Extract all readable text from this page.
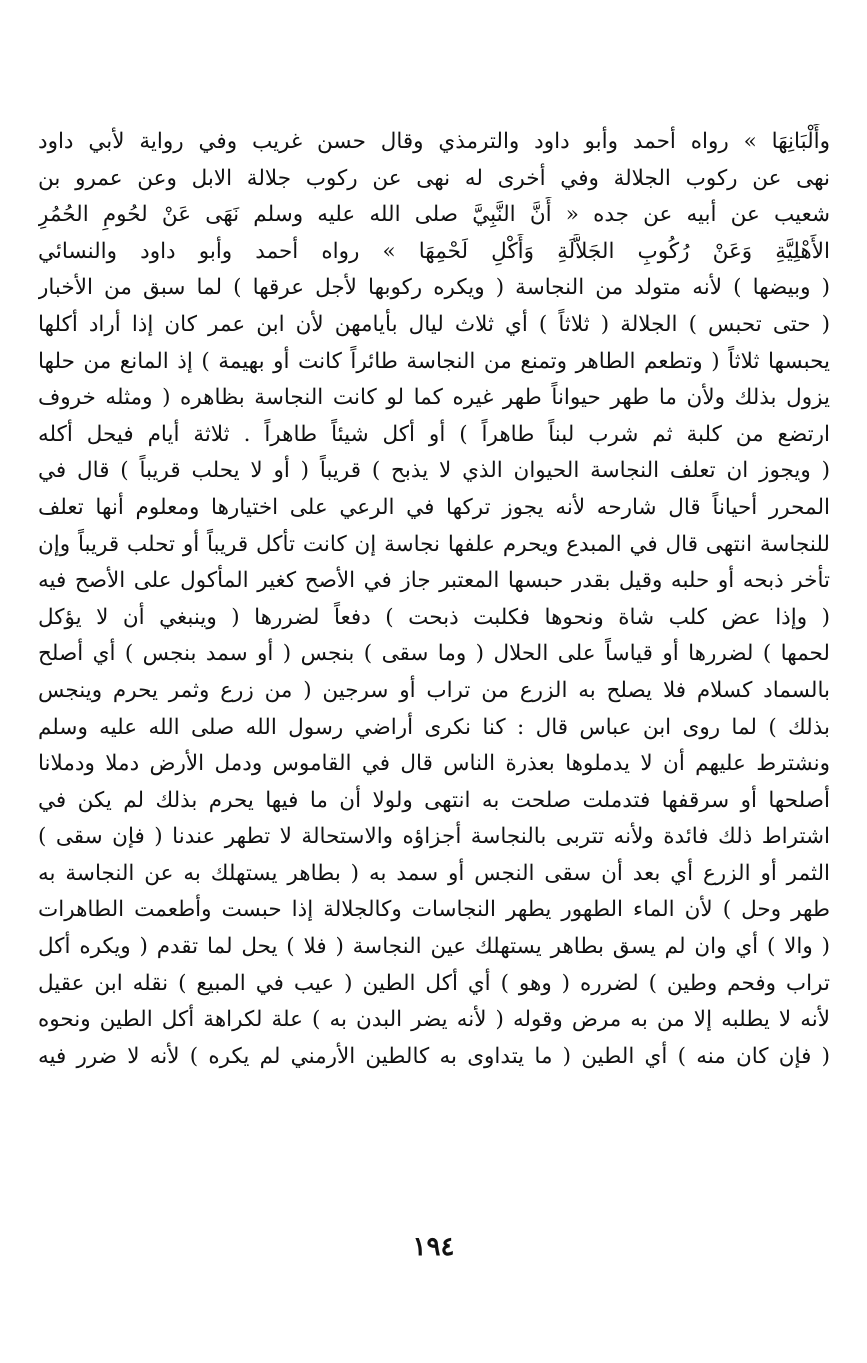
وأَلْبَانِهَا » رواه أحمد وأبو داود والترمذي وقال حسن غريب وفي رواية لأبي داود
نهى عن ركوب الجلالة وفي أخرى له نهى عن ركوب جلالة الابل وعن عمرو بن
شعيب عن أبيه عن جده « أَنَّ النَّبِيَّ صلى الله عليه وسلم نَهَى عَنْ لحُومِ الحُمُرِ
الأَهْلِيَّةِ وَعَنْ رُكُوبِ الجَلاَّلَةِ وَأَكْلِ لَحْمِهَا » رواه أحمد وأبو داود والنسائي
( وبيضها ) لأنه متولد من النجاسة ( ويكره ركوبها لأجل عرقها ) لما سبق من الأخبار
( حتى تحبس ) الجلالة ( ثلاثاً ) أي ثلاث ليال بأيامهن لأن ابن عمر كان إذا أراد أكلها
يحبسها ثلاثاً ( وتطعم الطاهر وتمنع من النجاسة طائراً كانت أو بهيمة ) إذ المانع من حلها
يزول بذلك ولأن ما طهر حيواناً طهر غيره كما لو كانت النجاسة بظاهره ( ومثله خروف
ارتضع من كلبة ثم شرب لبناً طاهراً ) أو أكل شيئاً طاهراً . ثلاثة أيام فيحل أكله
( ويجوز ان تعلف النجاسة الحيوان الذي لا يذبح ) قريباً ( أو لا يحلب قريباً ) قال في
المحرر أحياناً قال شارحه لأنه يجوز تركها في الرعي على اختيارها ومعلوم أنها تعلف
للنجاسة انتهى قال في المبدع ويحرم علفها نجاسة إن كانت تأكل قريباً أو تحلب قريباً وإن
تأخر ذبحه أو حلبه وقيل بقدر حبسها المعتبر جاز في الأصح كغير المأكول على الأصح فيه
( وإذا عض كلب شاة ونحوها فكلبت ذبحت ) دفعاً لضررها ( وينبغي أن لا يؤكل
لحمها ) لضررها أو قياساً على الحلال ( وما سقى ) بنجس ( أو سمد بنجس ) أي أصلح
بالسماد كسلام فلا يصلح به الزرع من تراب أو سرجين ( من زرع وثمر يحرم وينجس
بذلك ) لما روى ابن عباس قال : كنا نكرى أراضي رسول الله صلى الله عليه وسلم
ونشترط عليهم أن لا يدملوها بعذرة الناس قال في القاموس ودمل الأرض دملا ودملانا
أصلحها أو سرقفها فتدملت صلحت به انتهى ولولا أن ما فيها يحرم بذلك لم يكن في
اشتراط ذلك فائدة ولأنه تتربى بالنجاسة أجزاؤه والاستحالة لا تطهر عندنا ( فإن سقى )
الثمر أو الزرع أي بعد أن سقى النجس أو سمد به ( بطاهر يستهلك به عن النجاسة به
طهر وحل ) لأن الماء الطهور يطهر النجاسات وكالجلالة إذا حبست وأطعمت الطاهرات
( والا ) أي وان لم يسق بطاهر يستهلك عين النجاسة ( فلا ) يحل لما تقدم ( ويكره أكل
تراب وفحم وطين ) لضرره ( وهو ) أي أكل الطين ( عيب في المبيع ) نقله ابن عقيل
لأنه لا يطلبه إلا من به مرض وقوله ( لأنه يضر البدن به ) علة لكراهة أكل الطين ونحوه
( فإن كان منه ) أي الطين ( ما يتداوى به كالطين الأرمني لم يكره ) لأنه لا ضرر فيه
١٩٤
